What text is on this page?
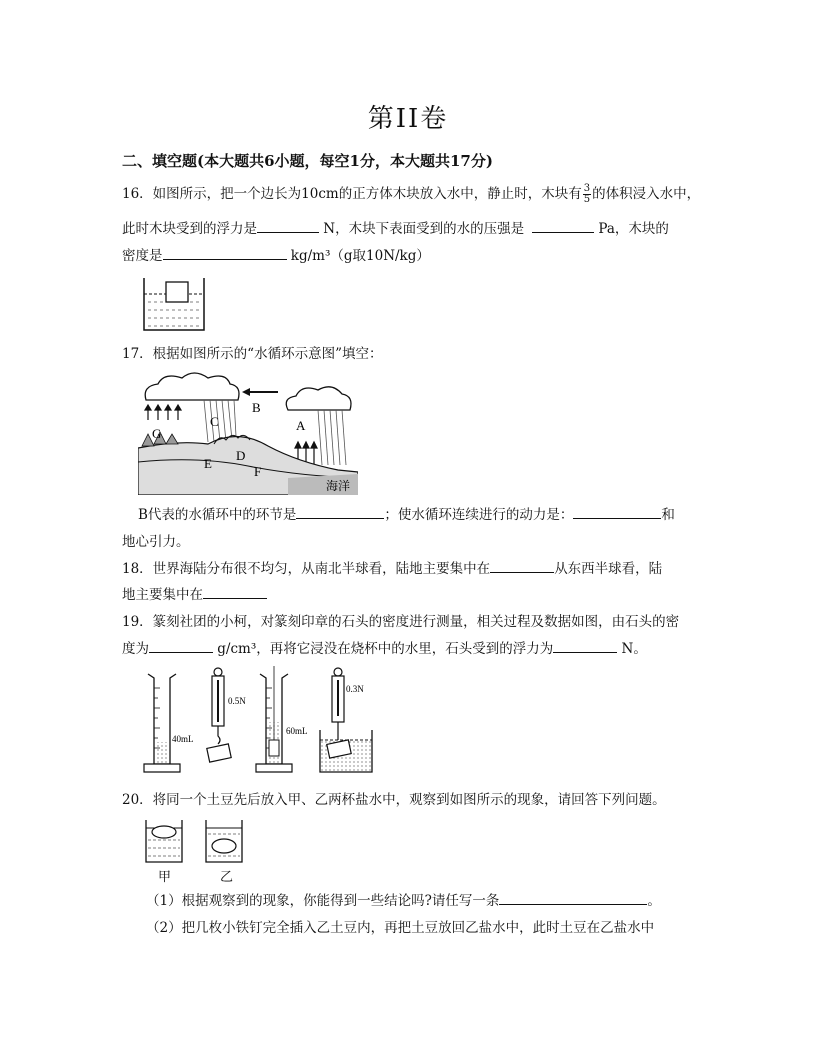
第II卷
二、填空题(本大题共6小题，每空1分，本大题共17分)
16．如图所示，把一个边长为10cm的正方体木块放入水中，静止时，木块有 $\frac{3}{5}$ 的体积浸入水中，
此时木块受到的浮力是	N，木块下表面受到的水的压强是	Pa，木块的
密度是	kg/m³（g取10N/kg）
17．根据如图所示的“水循环示意图”填空：
B
C	A
G
D
E
F
海洋
B代表的水循环中的环节是	；使水循环连续进行的动力是：	和
地心引力。
18．世界海陆分布很不均匀，从南北半球看，陆地主要集中在	从东西半球看，陆
地主要集中在
19．篆刻社团的小柯，对篆刻印章的石头的密度进行测量，相关过程及数据如图，由石头的密
度为	g/cm³，再将它浸没在烧杯中的水里，石头受到的浮力为	N。
40mL
0.5N
60mL
0.3N
20．将同一个土豆先后放入甲、乙两杯盐水中，观察到如图所示的现象，请回答下列问题。
甲	乙
（1）根据观察到的现象，你能得到一些结论吗?请任写一条	。
（2）把几枚小铁钉完全插入乙土豆内，再把土豆放回乙盐水中，此时土豆在乙盐水中
